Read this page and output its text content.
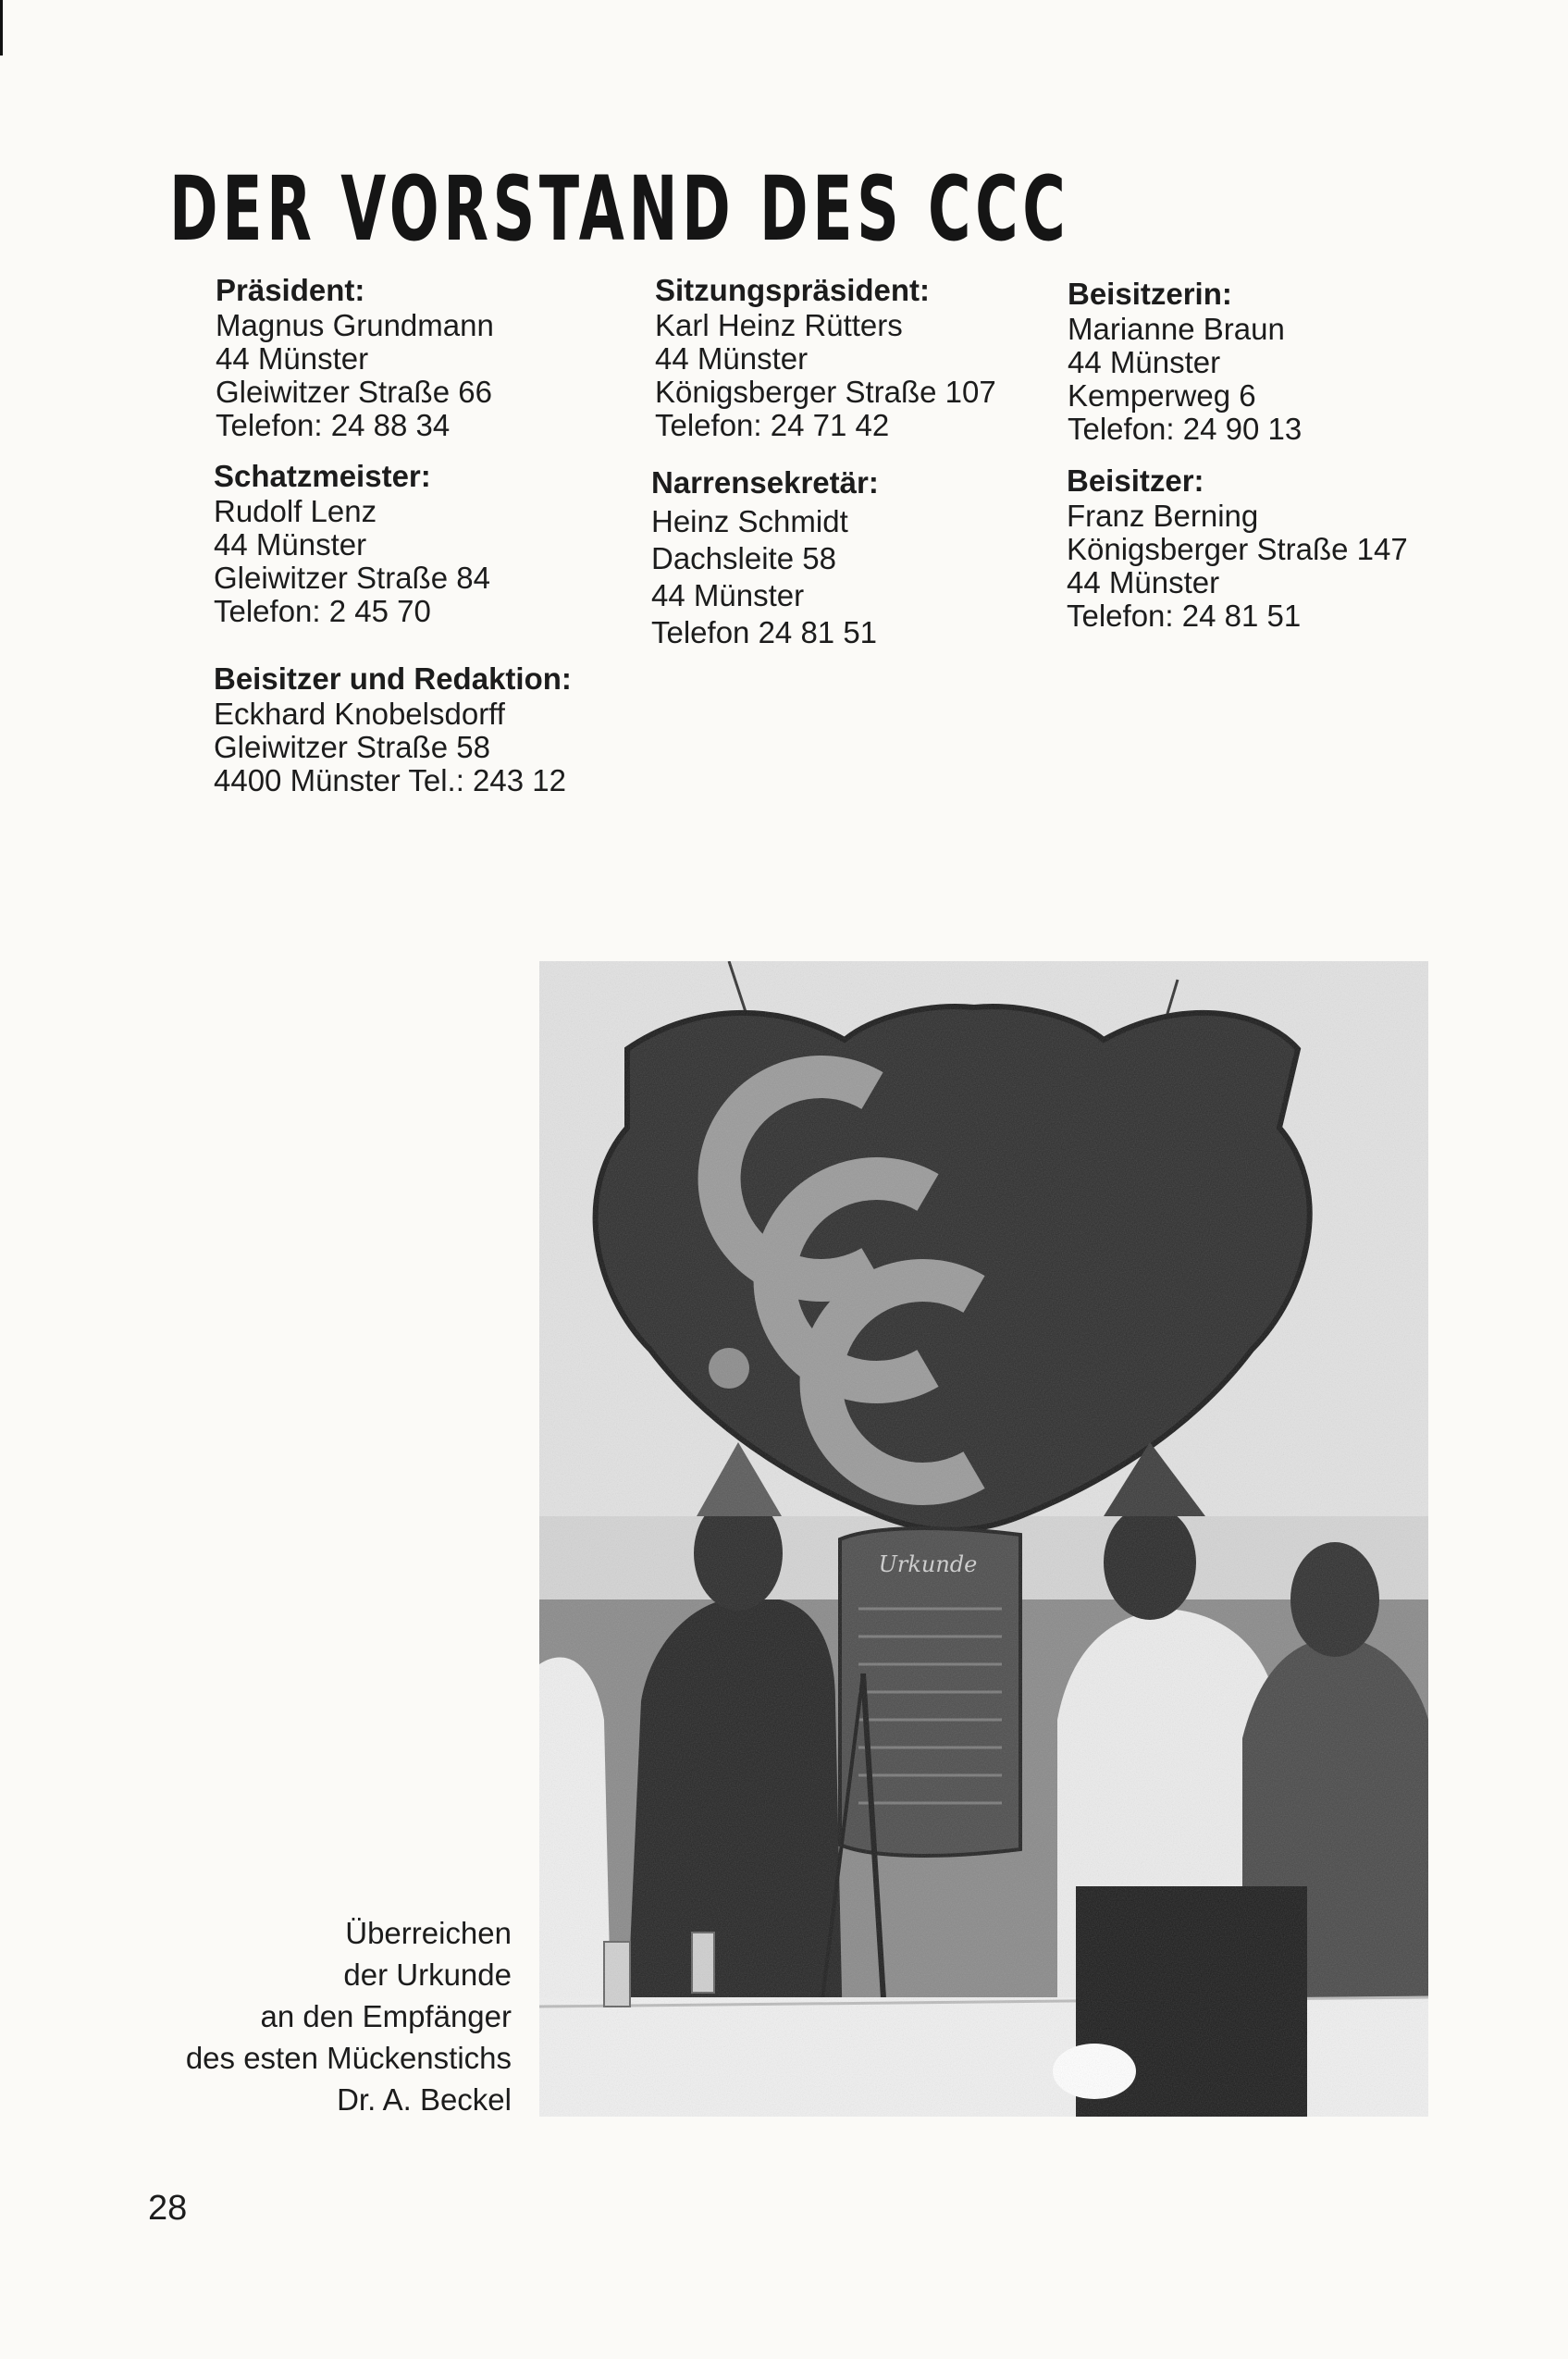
DER VORSTAND DES CCC
Präsident:
Magnus Grundmann
44 Münster
Gleiwitzer Straße 66
Telefon: 24 88 34
Schatzmeister:
Rudolf Lenz
44 Münster
Gleiwitzer Straße 84
Telefon: 2 45 70
Beisitzer und Redaktion:
Eckhard Knobelsdorff
Gleiwitzer Straße 58
4400 Münster Tel.: 243 12
Sitzungspräsident:
Karl Heinz Rütters
44 Münster
Königsberger Straße 107
Telefon: 24 71 42
Narrensekretär:
Heinz Schmidt
Dachsleite 58
44 Münster
Telefon 24 81 51
Beisitzerin:
Marianne Braun
44 Münster
Kemperweg 6
Telefon: 24 90 13
Beisitzer:
Franz Berning
Königsberger Straße 147
44 Münster
Telefon: 24 81 51
Überreichen
der Urkunde
an den Empfänger
des esten Mückenstichs
Dr. A. Beckel
28
